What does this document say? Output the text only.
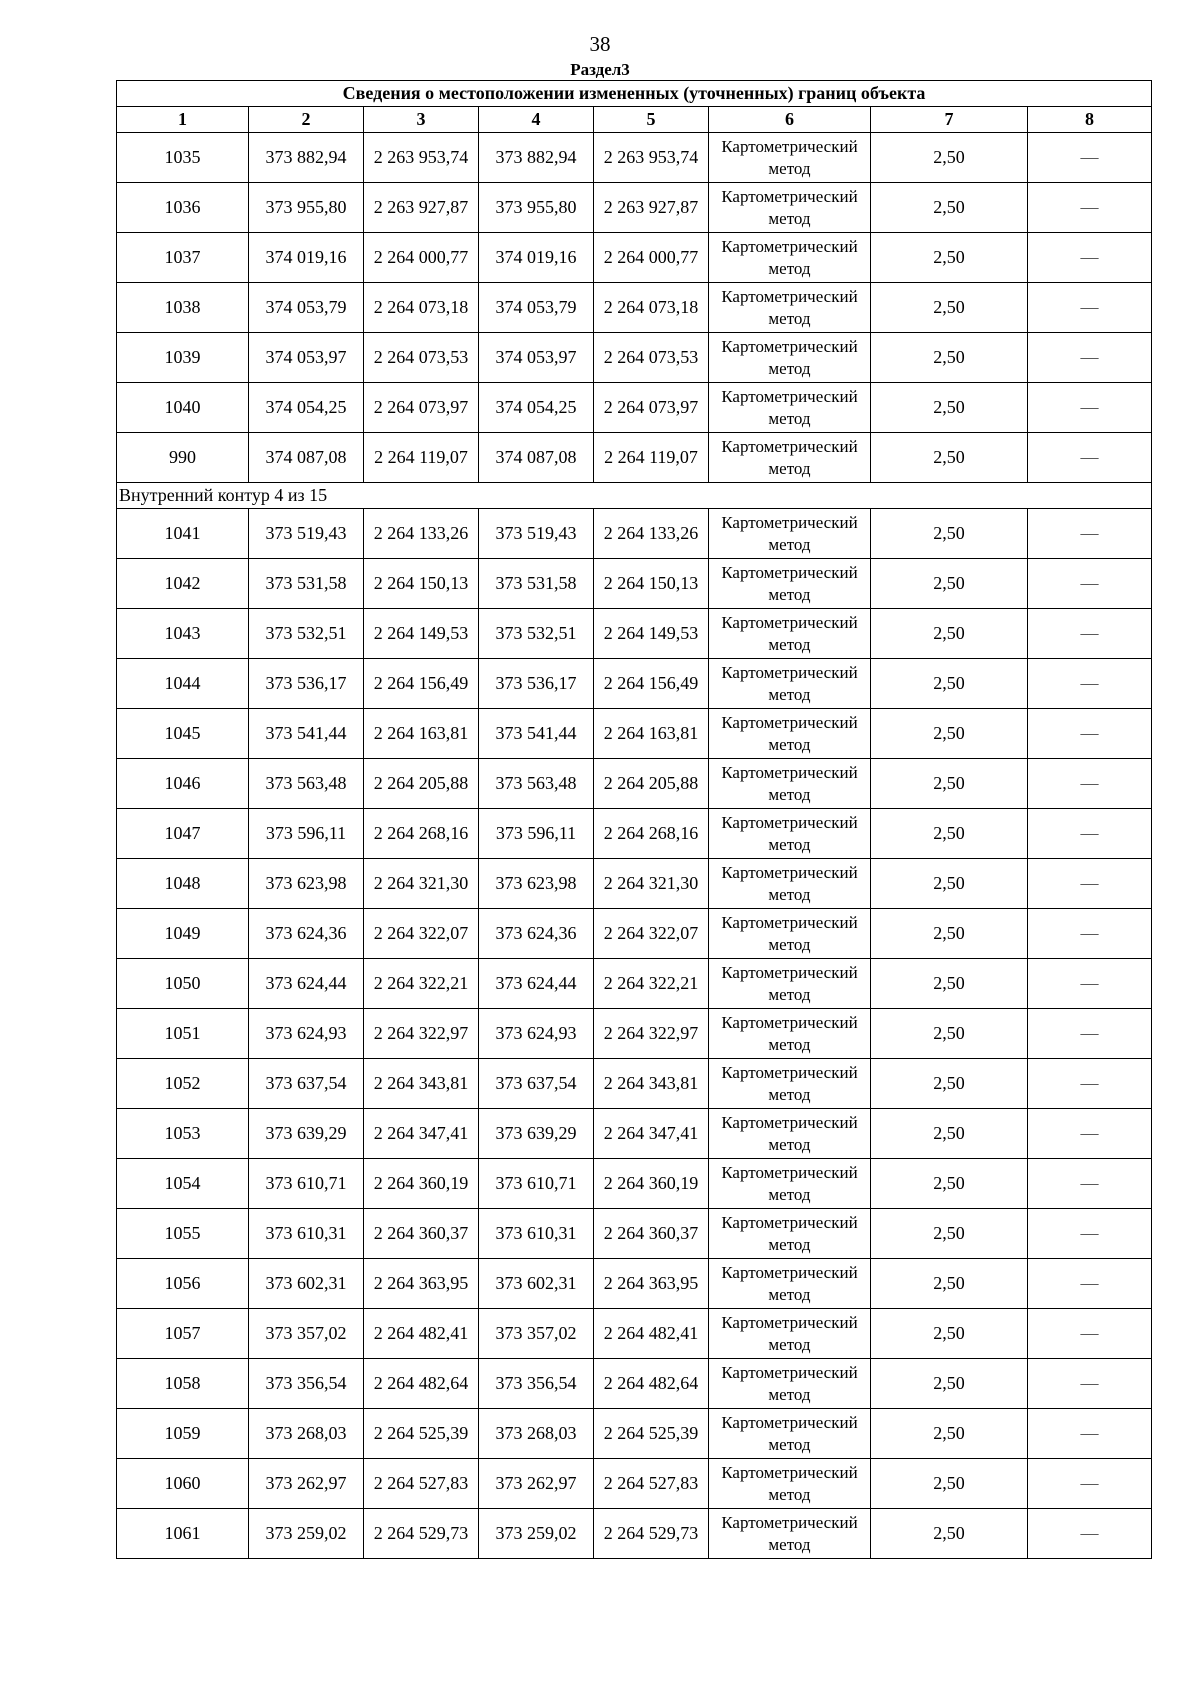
38
Раздел3
Сведения о местоположении измененных (уточненных) границ объекта							
1	2	3	4	5	6	7	8
1035	373 882,94	2 263 953,74	373 882,94	2 263 953,74	Картометрический метод	2,50	—
1036	373 955,80	2 263 927,87	373 955,80	2 263 927,87	Картометрический метод	2,50	—
1037	374 019,16	2 264 000,77	374 019,16	2 264 000,77	Картометрический метод	2,50	—
1038	374 053,79	2 264 073,18	374 053,79	2 264 073,18	Картометрический метод	2,50	—
1039	374 053,97	2 264 073,53	374 053,97	2 264 073,53	Картометрический метод	2,50	—
1040	374 054,25	2 264 073,97	374 054,25	2 264 073,97	Картометрический метод	2,50	—
990	374 087,08	2 264 119,07	374 087,08	2 264 119,07	Картометрический метод	2,50	—
Внутренний контур 4 из 15							
1041	373 519,43	2 264 133,26	373 519,43	2 264 133,26	Картометрический метод	2,50	—
1042	373 531,58	2 264 150,13	373 531,58	2 264 150,13	Картометрический метод	2,50	—
1043	373 532,51	2 264 149,53	373 532,51	2 264 149,53	Картометрический метод	2,50	—
1044	373 536,17	2 264 156,49	373 536,17	2 264 156,49	Картометрический метод	2,50	—
1045	373 541,44	2 264 163,81	373 541,44	2 264 163,81	Картометрический метод	2,50	—
1046	373 563,48	2 264 205,88	373 563,48	2 264 205,88	Картометрический метод	2,50	—
1047	373 596,11	2 264 268,16	373 596,11	2 264 268,16	Картометрический метод	2,50	—
1048	373 623,98	2 264 321,30	373 623,98	2 264 321,30	Картометрический метод	2,50	—
1049	373 624,36	2 264 322,07	373 624,36	2 264 322,07	Картометрический метод	2,50	—
1050	373 624,44	2 264 322,21	373 624,44	2 264 322,21	Картометрический метод	2,50	—
1051	373 624,93	2 264 322,97	373 624,93	2 264 322,97	Картометрический метод	2,50	—
1052	373 637,54	2 264 343,81	373 637,54	2 264 343,81	Картометрический метод	2,50	—
1053	373 639,29	2 264 347,41	373 639,29	2 264 347,41	Картометрический метод	2,50	—
1054	373 610,71	2 264 360,19	373 610,71	2 264 360,19	Картометрический метод	2,50	—
1055	373 610,31	2 264 360,37	373 610,31	2 264 360,37	Картометрический метод	2,50	—
1056	373 602,31	2 264 363,95	373 602,31	2 264 363,95	Картометрический метод	2,50	—
1057	373 357,02	2 264 482,41	373 357,02	2 264 482,41	Картометрический метод	2,50	—
1058	373 356,54	2 264 482,64	373 356,54	2 264 482,64	Картометрический метод	2,50	—
1059	373 268,03	2 264 525,39	373 268,03	2 264 525,39	Картометрический метод	2,50	—
1060	373 262,97	2 264 527,83	373 262,97	2 264 527,83	Картометрический метод	2,50	—
1061	373 259,02	2 264 529,73	373 259,02	2 264 529,73	Картометрический метод	2,50	—
